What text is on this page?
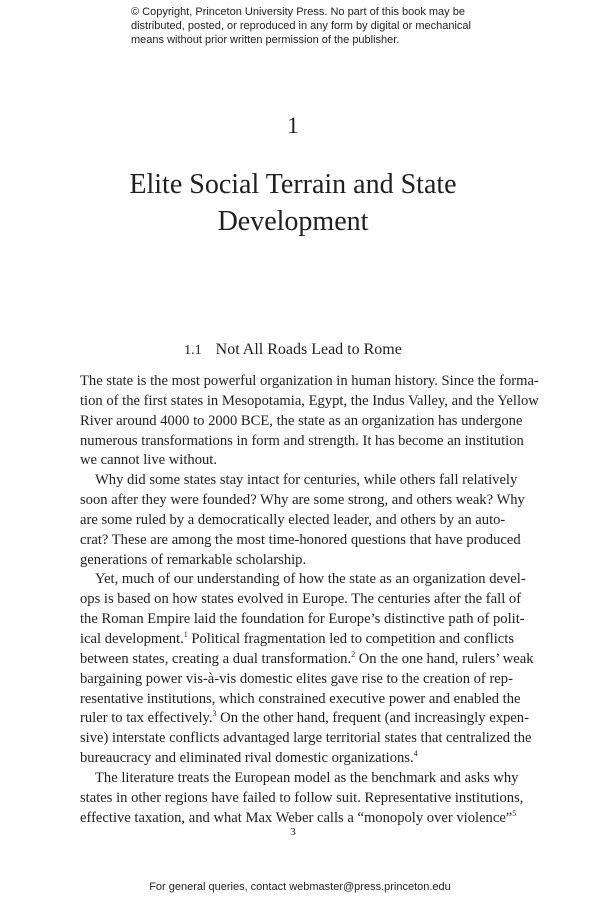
© Copyright, Princeton University Press. No part of this book may be
distributed, posted, or reproduced in any form by digital or mechanical
means without prior written permission of the publisher.
1
Elite Social Terrain and State
Development
1.1 Not All Roads Lead to Rome
The state is the most powerful organization in human history. Since the forma-
tion of the first states in Mesopotamia, Egypt, the Indus Valley, and the Yellow
River around 4000 to 2000 BCE, the state as an organization has undergone
numerous transformations in form and strength. It has become an institution
we cannot live without.
Why did some states stay intact for centuries, while others fall relatively
soon after they were founded? Why are some strong, and others weak? Why
are some ruled by a democratically elected leader, and others by an auto-
crat? These are among the most time-honored questions that have produced
generations of remarkable scholarship.
Yet, much of our understanding of how the state as an organization devel-
ops is based on how states evolved in Europe. The centuries after the fall of
the Roman Empire laid the foundation for Europe’s distinctive path of polit-
ical development.$^1$ Political fragmentation led to competition and conflicts
between states, creating a dual transformation.$^2$ On the one hand, rulers’ weak
bargaining power vis-à-vis domestic elites gave rise to the creation of rep-
resentative institutions, which constrained executive power and enabled the
ruler to tax effectively.$^3$ On the other hand, frequent (and increasingly expen-
sive) interstate conflicts advantaged large territorial states that centralized the
bureaucracy and eliminated rival domestic organizations.$^4$
The literature treats the European model as the benchmark and asks why
states in other regions have failed to follow suit. Representative institutions,
effective taxation, and what Max Weber calls a “monopoly over violence”$^5$
3
For general queries, contact webmaster@press.princeton.edu
